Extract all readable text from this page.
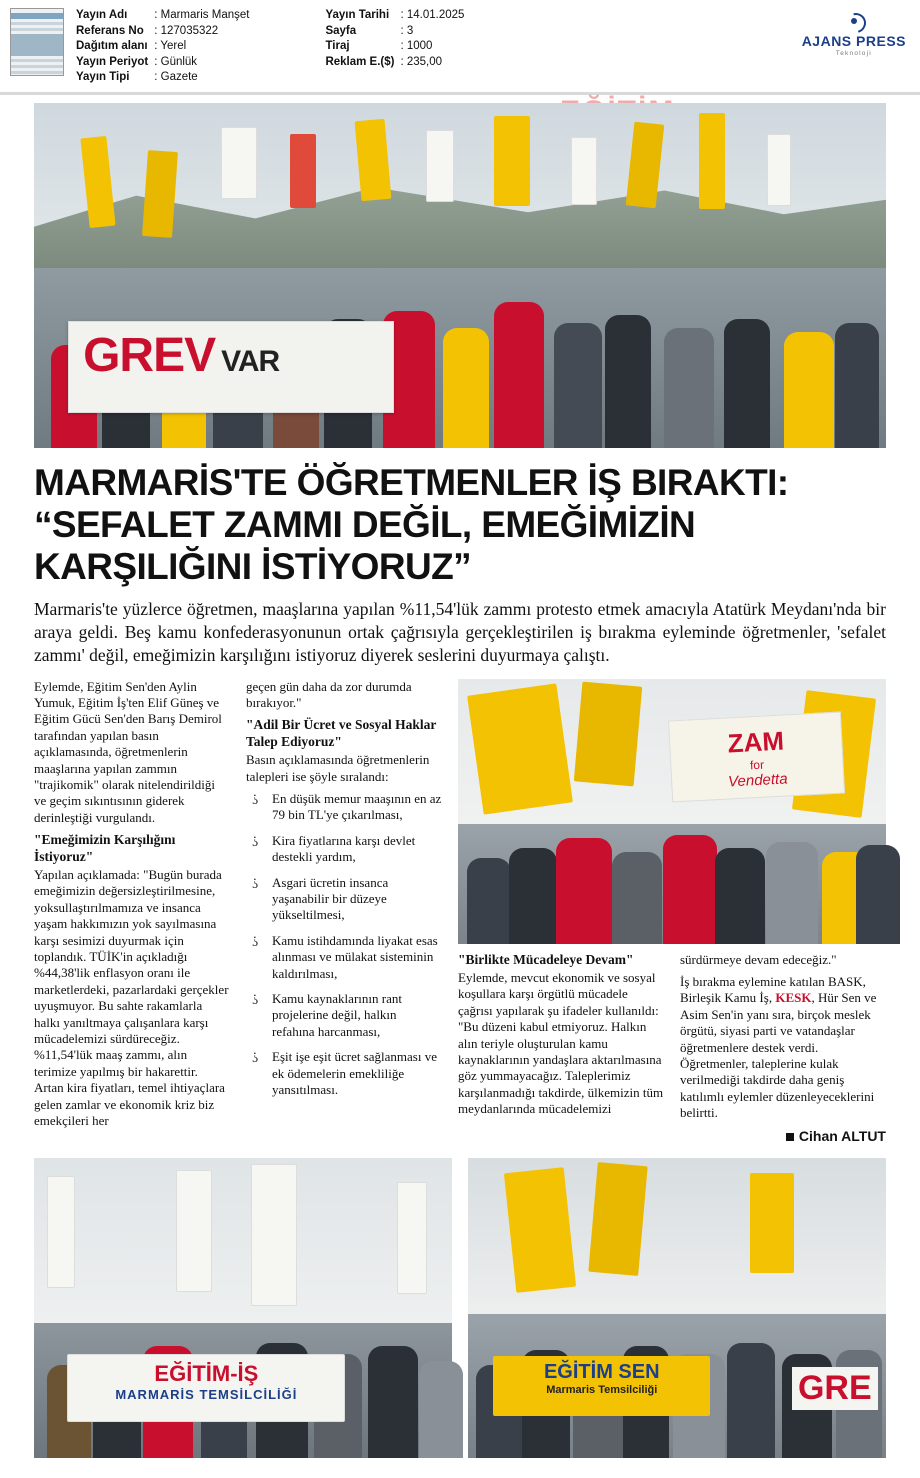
Yayın Adı
Referans No
Dağıtım alanı
Yayın Periyot
Yayın Tipi
: Marmaris Manşet
: 127035322
: Yerel
: Günlük
: Gazete
Yayın Tarihi
Sayfa
Tiraj
Reklam E.($)
: 14.01.2025
: 3
: 1000
: 235,00
AJANS PRESS
Teknoloji
GREV VAR
MARMARİS'TE ÖĞRETMENLER İŞ BIRAKTI: “SEFALET ZAMMI DEĞİL, EMEĞİMİZİN KARŞILIĞINI İSTİYORUZ”

Marmaris'te yüzlerce öğretmen, maaşlarına yapılan %11,54'lük zammı protesto etmek amacıyla Atatürk Meydanı'nda bir araya geldi. Beş kamu konfederasyonunun ortak çağrısıyla gerçekleştirilen iş bırakma eyleminde öğretmenler, 'sefalet zammı' değil, emeğimizin karşılığını istiyoruz diyerek seslerini duyurmaya çalıştı.

Eylemde, Eğitim Sen'den Aylin Yumuk, Eğitim İş'ten Elif Güneş ve Eğitim Gücü Sen'den Barış Demirol tarafından yapılan basın açıklamasında, öğretmenlerin maaşlarına yapılan zammın "trajikomik" olarak nitelendirildiği ve geçim sıkıntısının giderek derinleştiği vurgulandı.

"Emeğimizin Karşılığını İstiyoruz"

Yapılan açıklamada: "Bugün burada emeğimizin değersizleştirilmesine, yoksullaştırılmamıza ve insanca yaşam hakkımızın yok sayılmasına karşı sesimizi duyurmak için toplandık. TÜİK'in açıkladığı %44,38'lik enflasyon oranı ile marketlerdeki, pazarlardaki gerçekler uyuşmuyor. Bu sahte rakamlarla halkı yanıltmaya çalışanlara karşı mücadelemizi sürdüreceğiz. %11,54'lük maaş zammı, alın terimize yapılmış bir hakarettir. Artan kira fiyatları, temel ihtiyaçlara gelen zamlar ve ekonomik kriz biz emekçileri her

geçen gün daha da zor durumda bırakıyor."

"Adil Bir Ücret ve Sosyal Haklar Talep Ediyoruz"

Basın açıklamasında öğretmenlerin talepleri ise şöyle sıralandı:

¿ En düşük memur maaşının en az 79 bin TL'ye çıkarılması,
¿ Kira fiyatlarına karşı devlet destekli yardım,
¿ Asgari ücretin insanca yaşanabilir bir düzeye yükseltilmesi,
¿ Kamu istihdamında liyakat esas alınması ve mülakat sisteminin kaldırılması,
¿ Kamu kaynaklarının rant projelerine değil, halkın refahına harcanması,
¿ Eşit işe eşit ücret sağlanması ve ek ödemelerin emekliliğe yansıtılması.
ZAM
for
Vendetta
"Birlikte Mücadeleye Devam"

Eylemde, mevcut ekonomik ve sosyal koşullara karşı örgütlü mücadele çağrısı yapılarak şu ifadeler kullanıldı: "Bu düzeni kabul etmiyoruz. Halkın alın teriyle oluşturulan kamu kaynaklarının yandaşlara aktarılmasına göz yummayacağız. Taleplerimiz karşılanmadığı takdirde, ülkemizin tüm meydanlarında mücadelemizi

sürdürmeye devam edeceğiz."

İş bırakma eylemine katılan BASK, Birleşik Kamu İş, KESK, Hür Sen ve Asim Sen'in yanı sıra, birçok meslek örgütü, siyasi parti ve vatandaşlar öğretmenlere destek verdi. Öğretmenler, taleplerine kulak verilmediği takdirde daha geniş katılımlı eylemler düzenleyeceklerini belirtti.

Cihan ALTUT
EĞİTİM-İŞ
MARMARİS TEMSİLCİLİĞİ
EĞİTİM SEN
Marmaris Temsilciliği	GRE
